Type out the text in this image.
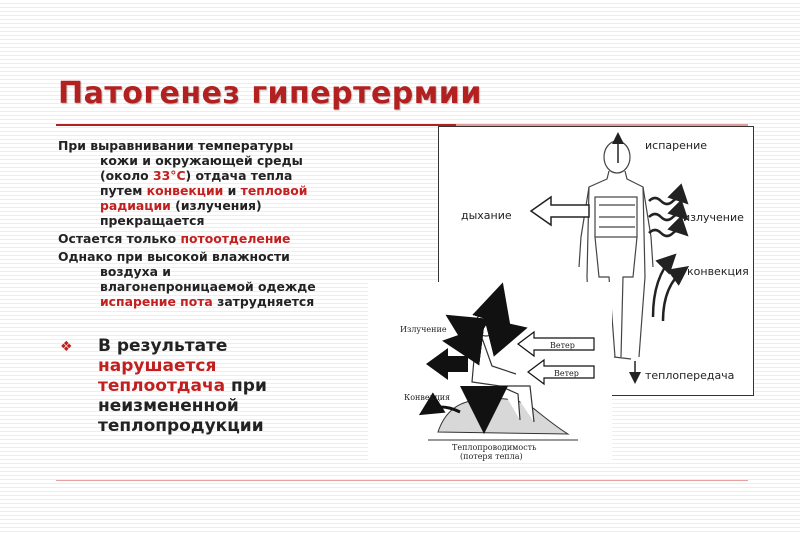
Патогенез гипертермии

При выравнивании температуры
кожи и окружающей среды
(около 33°C) отдача тепла
путем конвекции и тепловой
радиации (излучения)
прекращается

Остается только потоотделение

Однако при высокой влажности
воздуха и
влагонепроницаемой одежде
испарение пота затрудняется

❖ В результате
нарушается
теплоотдача при
неизмененной
теплопродукции
испарение
дыхание	излучение
конвекция
теплопередача
Излучение
Ветер
Ветер
Конвекция
Теплопроводимость
(потеря тепла)
